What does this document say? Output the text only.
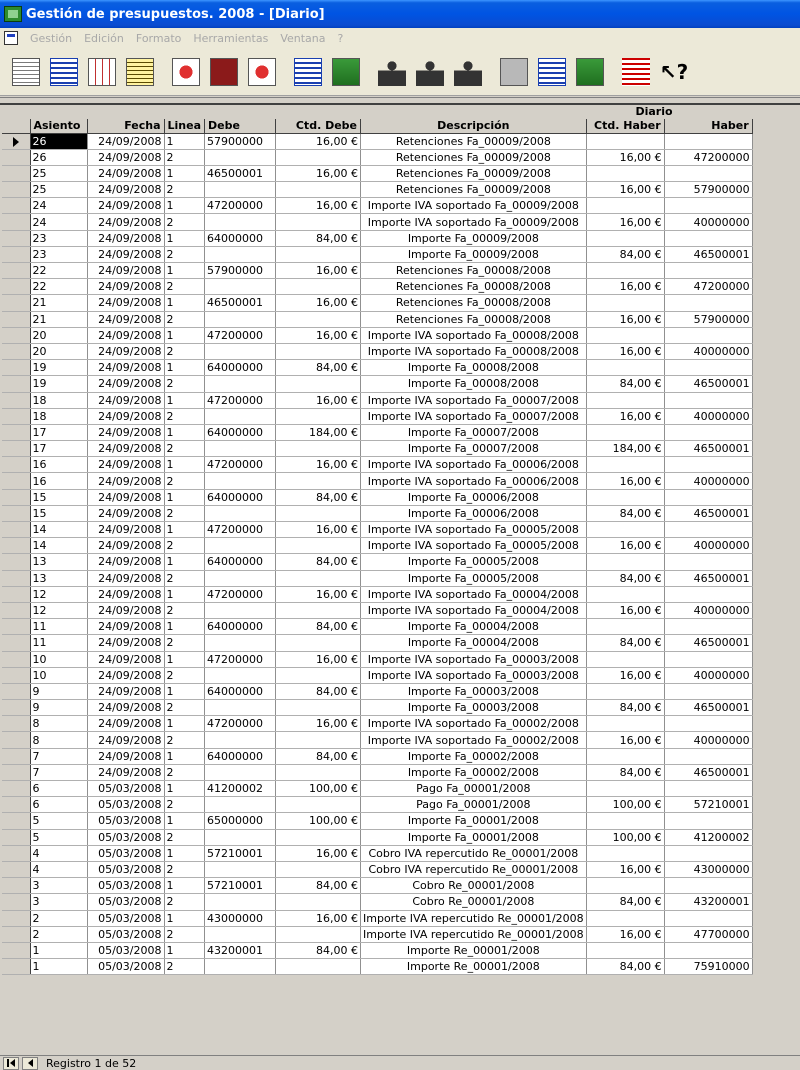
Gestión de presupuestos. 2008 - [Diario]
Gestión	Edición	Formato	Herramientas	Ventana	?
↖?
Diario
	Asiento	Fecha	Linea	Debe	Ctd. Debe	Descripción	Ctd. Haber	Haber
	26	24/09/2008	1	57900000	16,00 €	Retenciones Fa_00009/2008		
	26	24/09/2008	2			Retenciones Fa_00009/2008	16,00 €	47200000
	25	24/09/2008	1	46500001	16,00 €	Retenciones Fa_00009/2008		
	25	24/09/2008	2			Retenciones Fa_00009/2008	16,00 €	57900000
	24	24/09/2008	1	47200000	16,00 €	Importe IVA soportado Fa_00009/2008		
	24	24/09/2008	2			Importe IVA soportado Fa_00009/2008	16,00 €	40000000
	23	24/09/2008	1	64000000	84,00 €	Importe Fa_00009/2008		
	23	24/09/2008	2			Importe Fa_00009/2008	84,00 €	46500001
	22	24/09/2008	1	57900000	16,00 €	Retenciones Fa_00008/2008		
	22	24/09/2008	2			Retenciones Fa_00008/2008	16,00 €	47200000
	21	24/09/2008	1	46500001	16,00 €	Retenciones Fa_00008/2008		
	21	24/09/2008	2			Retenciones Fa_00008/2008	16,00 €	57900000
	20	24/09/2008	1	47200000	16,00 €	Importe IVA soportado Fa_00008/2008		
	20	24/09/2008	2			Importe IVA soportado Fa_00008/2008	16,00 €	40000000
	19	24/09/2008	1	64000000	84,00 €	Importe Fa_00008/2008		
	19	24/09/2008	2			Importe Fa_00008/2008	84,00 €	46500001
	18	24/09/2008	1	47200000	16,00 €	Importe IVA soportado Fa_00007/2008		
	18	24/09/2008	2			Importe IVA soportado Fa_00007/2008	16,00 €	40000000
	17	24/09/2008	1	64000000	184,00 €	Importe Fa_00007/2008		
	17	24/09/2008	2			Importe Fa_00007/2008	184,00 €	46500001
	16	24/09/2008	1	47200000	16,00 €	Importe IVA soportado Fa_00006/2008		
	16	24/09/2008	2			Importe IVA soportado Fa_00006/2008	16,00 €	40000000
	15	24/09/2008	1	64000000	84,00 €	Importe Fa_00006/2008		
	15	24/09/2008	2			Importe Fa_00006/2008	84,00 €	46500001
	14	24/09/2008	1	47200000	16,00 €	Importe IVA soportado Fa_00005/2008		
	14	24/09/2008	2			Importe IVA soportado Fa_00005/2008	16,00 €	40000000
	13	24/09/2008	1	64000000	84,00 €	Importe Fa_00005/2008		
	13	24/09/2008	2			Importe Fa_00005/2008	84,00 €	46500001
	12	24/09/2008	1	47200000	16,00 €	Importe IVA soportado Fa_00004/2008		
	12	24/09/2008	2			Importe IVA soportado Fa_00004/2008	16,00 €	40000000
	11	24/09/2008	1	64000000	84,00 €	Importe Fa_00004/2008		
	11	24/09/2008	2			Importe Fa_00004/2008	84,00 €	46500001
	10	24/09/2008	1	47200000	16,00 €	Importe IVA soportado Fa_00003/2008		
	10	24/09/2008	2			Importe IVA soportado Fa_00003/2008	16,00 €	40000000
	9	24/09/2008	1	64000000	84,00 €	Importe Fa_00003/2008		
	9	24/09/2008	2			Importe Fa_00003/2008	84,00 €	46500001
	8	24/09/2008	1	47200000	16,00 €	Importe IVA soportado Fa_00002/2008		
	8	24/09/2008	2			Importe IVA soportado Fa_00002/2008	16,00 €	40000000
	7	24/09/2008	1	64000000	84,00 €	Importe Fa_00002/2008		
	7	24/09/2008	2			Importe Fa_00002/2008	84,00 €	46500001
	6	05/03/2008	1	41200002	100,00 €	Pago Fa_00001/2008		
	6	05/03/2008	2			Pago Fa_00001/2008	100,00 €	57210001
	5	05/03/2008	1	65000000	100,00 €	Importe Fa_00001/2008		
	5	05/03/2008	2			Importe Fa_00001/2008	100,00 €	41200002
	4	05/03/2008	1	57210001	16,00 €	Cobro IVA repercutido Re_00001/2008		
	4	05/03/2008	2			Cobro IVA repercutido Re_00001/2008	16,00 €	43000000
	3	05/03/2008	1	57210001	84,00 €	Cobro Re_00001/2008		
	3	05/03/2008	2			Cobro Re_00001/2008	84,00 €	43200001
	2	05/03/2008	1	43000000	16,00 €	Importe IVA repercutido Re_00001/2008		
	2	05/03/2008	2			Importe IVA repercutido Re_00001/2008	16,00 €	47700000
	1	05/03/2008	1	43200001	84,00 €	Importe Re_00001/2008		
	1	05/03/2008	2			Importe Re_00001/2008	84,00 €	75910000
Registro 1 de 52
